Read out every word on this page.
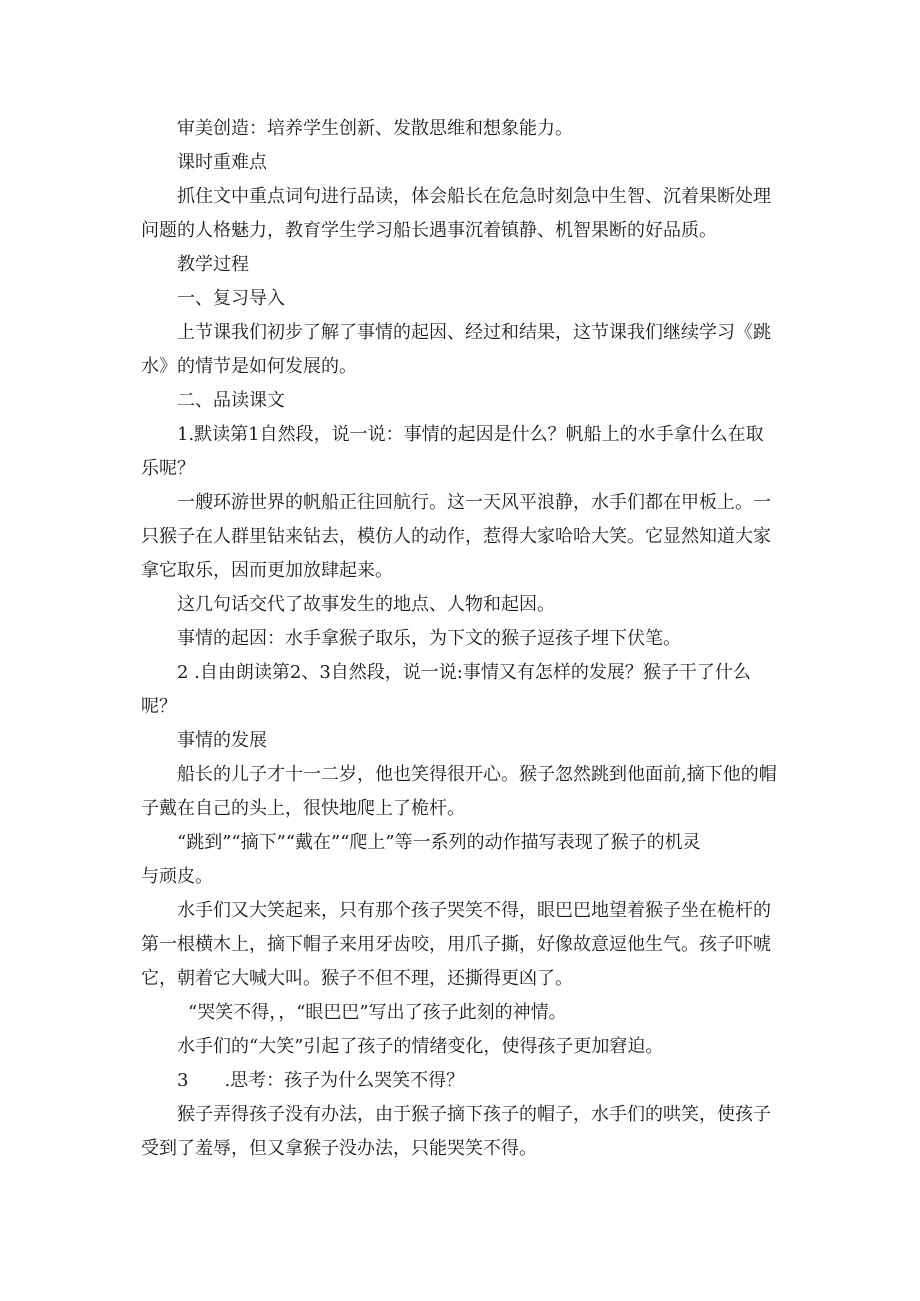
审美创造：培养学生创新、发散思维和想象能力。

课时重难点

抓住文中重点词句进行品读，体会船长在危急时刻急中生智、沉着果断处理

问题的人格魅力，教育学生学习船长遇事沉着镇静、机智果断的好品质。

教学过程

一、复习导入

上节课我们初步了解了事情的起因、经过和结果，这节课我们继续学习《跳

水》的情节是如何发展的。

二、品读课文

1.默读第1自然段，说一说：事情的起因是什么？帆船上的水手拿什么在取

乐呢？

一艘环游世界的帆船正往回航行。这一天风平浪静，水手们都在甲板上。一

只猴子在人群里钻来钻去，模仿人的动作，惹得大家哈哈大笑。它显然知道大家

拿它取乐，因而更加放肆起来。

这几句话交代了故事发生的地点、人物和起因。

事情的起因：水手拿猴子取乐，为下文的猴子逗孩子埋下伏笔。

2 .自由朗读第2、3自然段，说一说:事情又有怎样的发展？猴子干了什么

呢？

事情的发展

船长的儿子才十一二岁，他也笑得很开心。猴子忽然跳到他面前,摘下他的帽

子戴在自己的头上，很快地爬上了桅杆。

“跳到”“摘下”“戴在”“爬上”等一系列的动作描写表现了猴子的机灵

与顽皮。

水手们又大笑起来，只有那个孩子哭笑不得，眼巴巴地望着猴子坐在桅杆的

第一根横木上，摘下帽子来用牙齿咬，用爪子撕，好像故意逗他生气。孩子吓唬

它，朝着它大喊大叫。猴子不但不理，还撕得更凶了。

“哭笑不得，，“眼巴巴”写出了孩子此刻的神情。

水手们的“大笑”引起了孩子的情绪变化，使得孩子更加窘迫。

3　　.思考：孩子为什么哭笑不得？

猴子弄得孩子没有办法，由于猴子摘下孩子的帽子，水手们的哄笑，使孩子

受到了羞辱，但又拿猴子没办法，只能哭笑不得。
